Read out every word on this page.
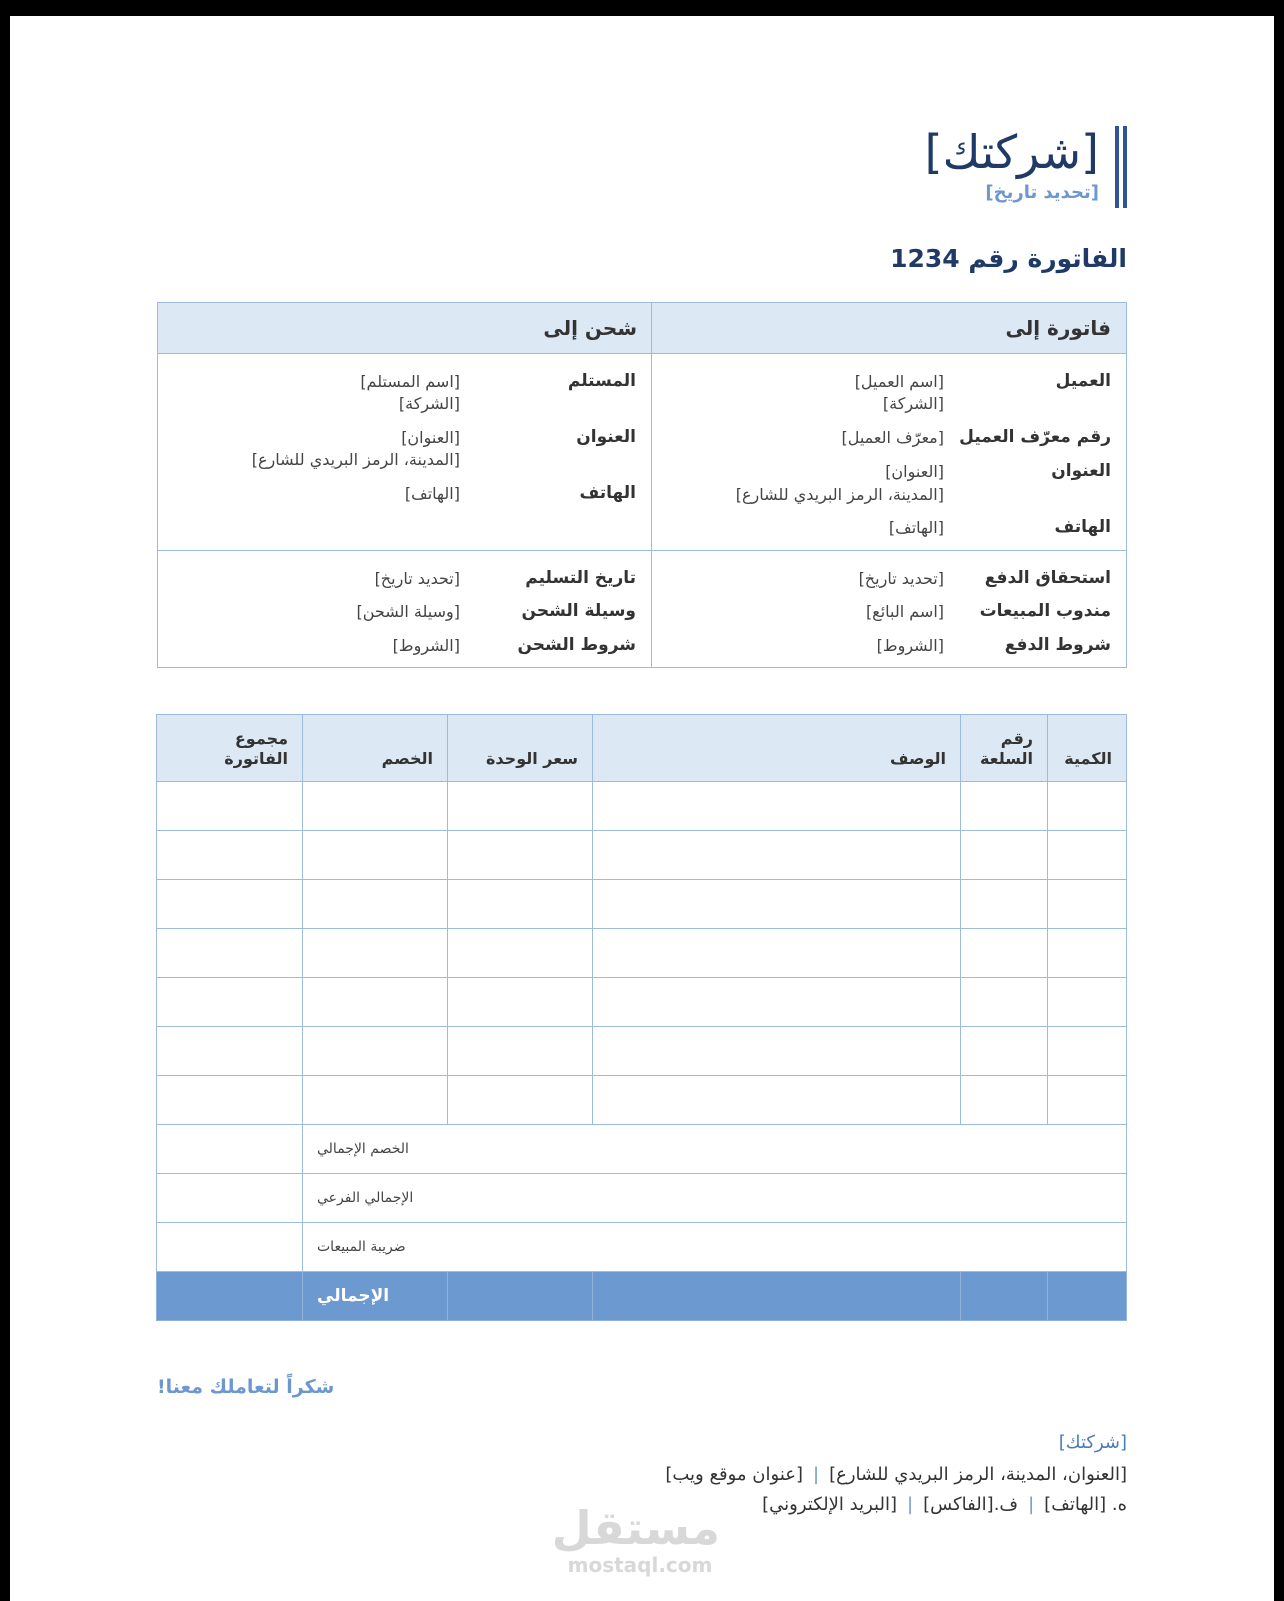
[شركتك]
[تحديد تاريخ]
الفاتورة رقم 1234
فاتورة إلى
شحن إلى
العميل
[اسم العميل]
[الشركة]
رقم معرّف العميل
[معرّف العميل]
العنوان
[العنوان]
[المدينة، الرمز البريدي للشارع]
الهاتف
[الهاتف]
استحقاق الدفع
[تحديد تاريخ]
مندوب المبيعات
[اسم البائع]
شروط الدفع
[الشروط]
المستلم
[اسم المستلم]
[الشركة]
العنوان
[العنوان]
[المدينة، الرمز البريدي للشارع]
الهاتف
[الهاتف]
تاريخ التسليم
[تحديد تاريخ]
وسيلة الشحن
[وسيلة الشحن]
شروط الشحن
[الشروط]
الكمية	رقم السلعة	الوصف	سعر الوحدة	الخصم	مجموع الفاتورة

الخصم الإجمالي					
الإجمالي الفرعي					
ضريبة المبيعات					
				الإجمالي	
شكراً لتعاملك معنا!
[شركتك]
[العنوان، المدينة، الرمز البريدي للشارع]|[عنوان موقع ويب]
ه. [الهاتف]|ف.[الفاكس]|[البريد الإلكتروني]
مستقل
mostaql.com
